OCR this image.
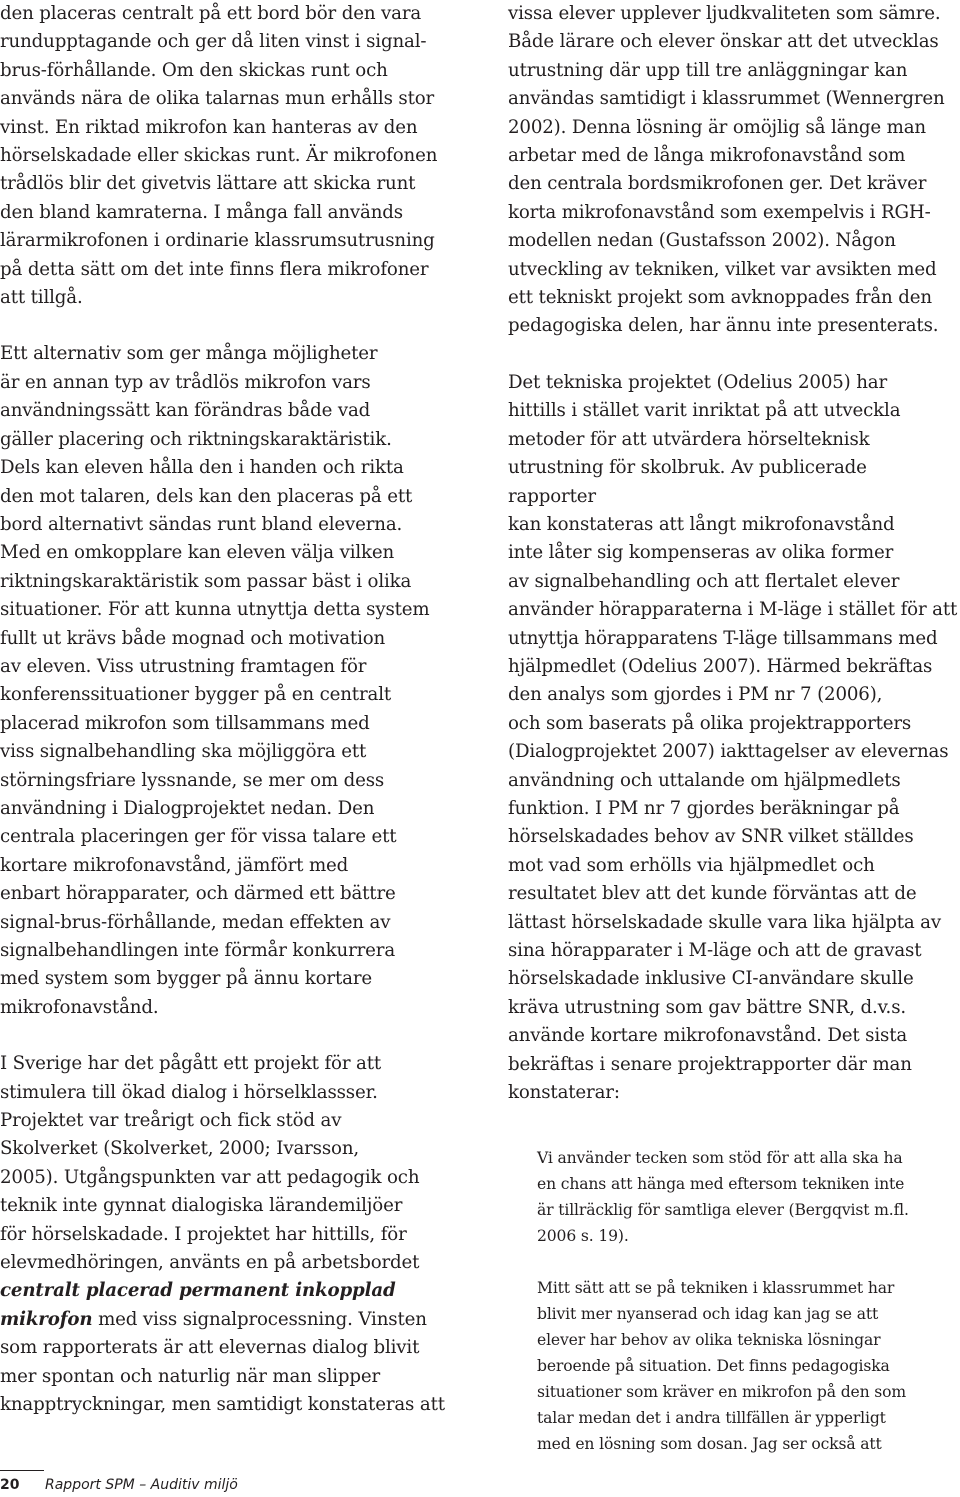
den placeras centralt på ett bord bör den vara
rundupptagande och ger då liten vinst i signal-
brus-förhållande. Om den skickas runt och
används nära de olika talarnas mun erhålls stor
vinst. En riktad mikrofon kan hanteras av den
hörselskadade eller skickas runt. Är mikrofonen
trådlös blir det givetvis lättare att skicka runt
den bland kamraterna. I många fall används
lärarmikrofonen i ordinarie klassrumsutrusning
på detta sätt om det inte finns flera mikrofoner
att tillgå.

Ett alternativ som ger många möjligheter
är en annan typ av trådlös mikrofon vars
användningssätt kan förändras både vad
gäller placering och riktningskaraktäristik.
Dels kan eleven hålla den i handen och rikta
den mot talaren, dels kan den placeras på ett
bord alternativt sändas runt bland eleverna.
Med en omkopplare kan eleven välja vilken
riktningskaraktäristik som passar bäst i olika
situationer. För att kunna utnyttja detta system
fullt ut krävs både mognad och motivation
av eleven. Viss utrustning framtagen för
konferenssituationer bygger på en centralt
placerad mikrofon som tillsammans med
viss signalbehandling ska möjliggöra ett
störningsfriare lyssnande, se mer om dess
användning i Dialogprojektet nedan. Den
centrala placeringen ger för vissa talare ett
kortare mikrofonavstånd, jämfört med
enbart hörapparater, och därmed ett bättre
signal-brus-förhållande, medan effekten av
signalbehandlingen inte förmår konkurrera
med system som bygger på ännu kortare
mikrofonavstånd.

I Sverige har det pågått ett projekt för att
stimulera till ökad dialog i hörselklassser.
Projektet var treårigt och fick stöd av
Skolverket (Skolverket, 2000; Ivarsson,
2005). Utgångspunkten var att pedagogik och
teknik inte gynnat dialogiska lärandemiljöer
för hörselskadade. I projektet har hittills, för
elevmedhöringen, använts en på arbetsbordet
centralt placerad permanent inkopplad
mikrofon med viss signalprocessning. Vinsten
som rapporterats är att elevernas dialog blivit
mer spontan och naturlig när man slipper
knapptryckningar, men samtidigt konstateras att

vissa elever upplever ljudkvaliteten som sämre.
Både lärare och elever önskar att det utvecklas
utrustning där upp till tre anläggningar kan
användas samtidigt i klassrummet (Wennergren
2002). Denna lösning är omöjlig så länge man
arbetar med de långa mikrofonavstånd som
den centrala bordsmikrofonen ger. Det kräver
korta mikrofonavstånd som exempelvis i RGH-
modellen nedan (Gustafsson 2002). Någon
utveckling av tekniken, vilket var avsikten med
ett tekniskt projekt som avknoppades från den
pedagogiska delen, har ännu inte presenterats.

Det tekniska projektet (Odelius 2005) har
hittills i stället varit inriktat på att utveckla
metoder för att utvärdera hörselteknisk
utrustning för skolbruk. Av publicerade rapporter
kan konstateras att långt mikrofonavstånd
inte låter sig kompenseras av olika former
av signalbehandling och att flertalet elever
använder hörapparaterna i M-läge i stället för att
utnyttja hörapparatens T-läge tillsammans med
hjälpmedlet (Odelius 2007). Härmed bekräftas
den analys som gjordes i PM nr 7 (2006),
och som baserats på olika projektrapporters
(Dialogprojektet 2007) iakttagelser av elevernas
användning och uttalande om hjälpmedlets
funktion. I PM nr 7 gjordes beräkningar på
hörselskadades behov av SNR vilket ställdes
mot vad som erhölls via hjälpmedlet och
resultatet blev att det kunde förväntas att de
lättast hörselskadade skulle vara lika hjälpta av
sina hörapparater i M-läge och att de gravast
hörselskadade inklusive CI-användare skulle
kräva utrustning som gav bättre SNR, d.v.s.
använde kortare mikrofonavstånd. Det sista
bekräftas i senare projektrapporter där man
konstaterar:

Vi använder tecken som stöd för att alla ska ha
en chans att hänga med eftersom tekniken inte
är tillräcklig för samtliga elever (Bergqvist m.fl.
2006 s. 19).

Mitt sätt att se på tekniken i klassrummet har
blivit mer nyanserad och idag kan jag se att
elever har behov av olika tekniska lösningar
beroende på situation. Det finns pedagogiska
situationer som kräver en mikrofon på den som
talar medan det i andra tillfällen är ypperligt
med en lösning som dosan. Jag ser också att

20 Rapport SPM – Auditiv miljö
